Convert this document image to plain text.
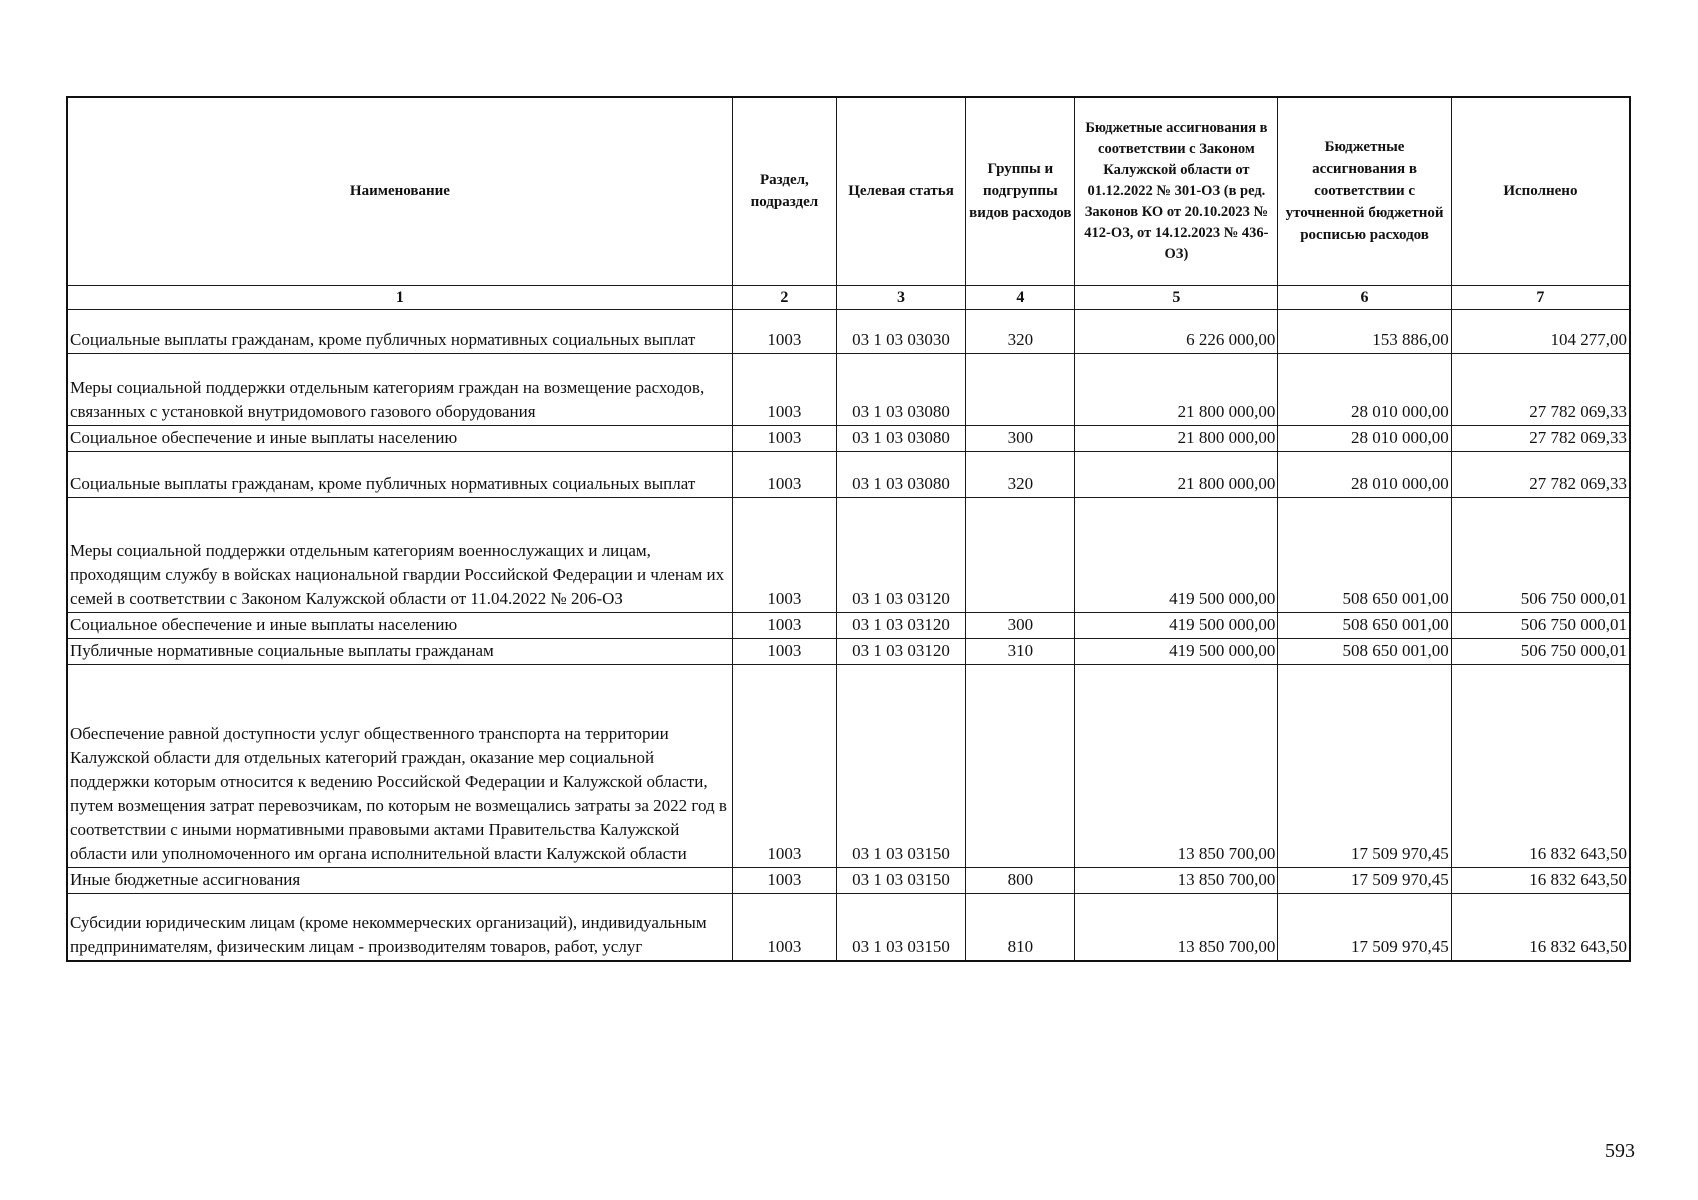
Наименование	Раздел, подраздел	Целевая статья	Группы и подгруппы видов расходов	Бюджетные ассигнования в соответствии с Законом Калужской области от 01.12.2022 № 301-ОЗ (в ред. Законов КО от 20.10.2023 № 412-ОЗ, от 14.12.2023 № 436-ОЗ)	Бюджетные ассигнования в соответствии с уточненной бюджетной росписью расходов	Исполнено
1	2	3	4	5	6	7
Социальные выплаты гражданам, кроме публичных нормативных социальных выплат	1003	03 1 03 03030	320	6 226 000,00	153 886,00	104 277,00
Меры социальной поддержки отдельным категориям граждан на возмещение расходов, связанных с установкой внутридомового газового оборудования	1003	03 1 03 03080		21 800 000,00	28 010 000,00	27 782 069,33
Социальное обеспечение и иные выплаты населению	1003	03 1 03 03080	300	21 800 000,00	28 010 000,00	27 782 069,33
Социальные выплаты гражданам, кроме публичных нормативных социальных выплат	1003	03 1 03 03080	320	21 800 000,00	28 010 000,00	27 782 069,33
Меры социальной поддержки отдельным категориям военнослужащих и лицам, проходящим службу в войсках национальной гвардии Российской Федерации и членам их семей в соответствии с Законом Калужской области от 11.04.2022 № 206-ОЗ	1003	03 1 03 03120		419 500 000,00	508 650 001,00	506 750 000,01
Социальное обеспечение и иные выплаты населению	1003	03 1 03 03120	300	419 500 000,00	508 650 001,00	506 750 000,01
Публичные нормативные социальные выплаты гражданам	1003	03 1 03 03120	310	419 500 000,00	508 650 001,00	506 750 000,01
Обеспечение равной доступности услуг общественного транспорта на территории Калужской области для отдельных категорий граждан, оказание мер социальной поддержки которым относится к ведению Российской Федерации и Калужской области, путем возмещения затрат перевозчикам, по которым не возмещались затраты за 2022 год в соответствии с иными нормативными правовыми актами Правительства Калужской области или уполномоченного им органа исполнительной власти Калужской области	1003	03 1 03 03150		13 850 700,00	17 509 970,45	16 832 643,50
Иные бюджетные ассигнования	1003	03 1 03 03150	800	13 850 700,00	17 509 970,45	16 832 643,50
Субсидии юридическим лицам (кроме некоммерческих организаций), индивидуальным предпринимателям, физическим лицам - производителям товаров, работ, услуг	1003	03 1 03 03150	810	13 850 700,00	17 509 970,45	16 832 643,50
593
